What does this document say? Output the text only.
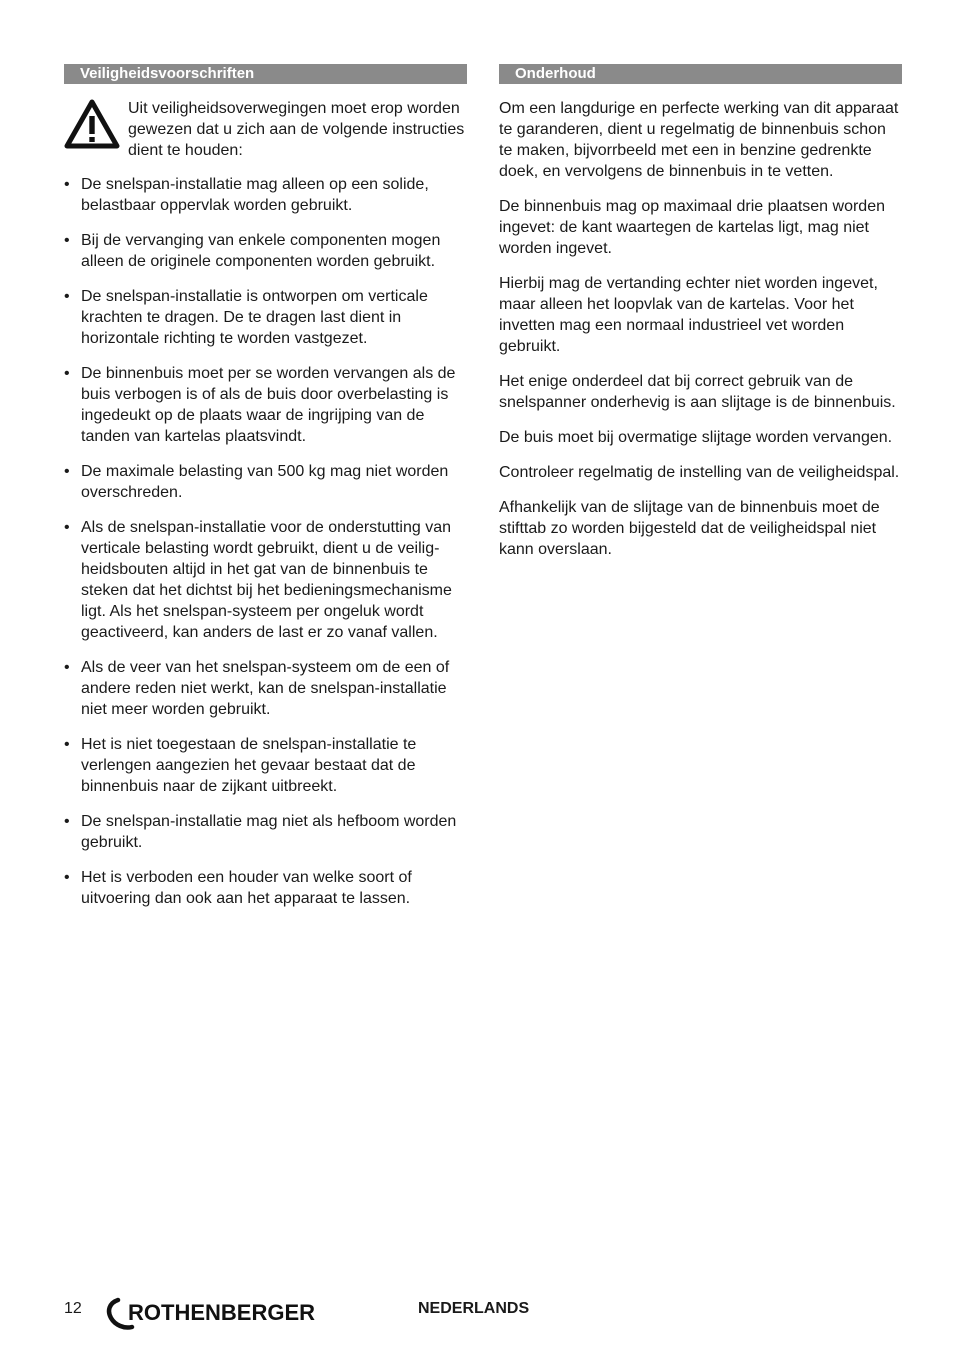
Veiligheidsvoorschriften
Uit veiligheidsoverwegingen moet erop worden gewezen dat u zich aan de volgende instructies dient te houden:
• De snelspan-installatie mag alleen op een solide, belastbaar oppervlak worden gebruikt.
• Bij de vervanging van enkele componenten mogen alleen de originele componenten worden gebruikt.
• De snelspan-installatie is ontworpen om verticale krachten te dragen. De te dragen last dient in horizontale richting te worden vastgezet.
• De binnenbuis moet per se worden vervangen als de buis verbogen is of als de buis door overbelasting is ingedeukt op de plaats waar de ingrijping van de tanden van kartelas plaatsvindt.
• De maximale belasting van 500 kg mag niet worden overschreden.
• Als de snelspan-installatie voor de onderstutting van verticale belasting wordt gebruikt, dient u de veilig-heidsbouten altijd in het gat van de binnenbuis te steken dat het dichtst bij het bedieningsmechanisme ligt. Als het snelspan-systeem per ongeluk wordt geactiveerd, kan anders de last er zo vanaf vallen.
• Als de veer van het snelspan-systeem om de een of andere reden niet werkt, kan de snelspan-installatie niet meer worden gebruikt.
• Het is niet toegestaan de snelspan-installatie te verlengen aangezien het gevaar bestaat dat de binnenbuis naar de zijkant uitbreekt.
• De snelspan-installatie mag niet als hefboom worden gebruikt.
• Het is verboden een houder van welke soort of uitvoering dan ook aan het apparaat te lassen.
Onderhoud

Om een langdurige en perfecte werking van dit apparaat te garanderen, dient u regelmatig de binnenbuis schon te maken, bijvorrbeeld met een in benzine gedrenkte doek, en vervolgens de binnenbuis in te vetten.

De binnenbuis mag op maximaal drie plaatsen worden ingevet: de kant waartegen de kartelas ligt, mag niet worden ingevet.

Hierbij mag de vertanding echter niet worden ingevet, maar alleen het loopvlak van de kartelas. Voor het invetten mag een normaal industrieel vet worden gebruikt.

Het enige onderdeel dat bij correct gebruik van de snelspanner onderhevig is aan slijtage is de binnenbuis.

De buis moet bij overmatige slijtage worden vervangen.

Controleer regelmatig de instelling van de veiligheidspal.

Afhankelijk van de slijtage van de binnenbuis moet de stifttab zo worden bijgesteld dat de veiligheidspal niet kann overslaan.

12 ROTHENBERGER	NEDERLANDS
